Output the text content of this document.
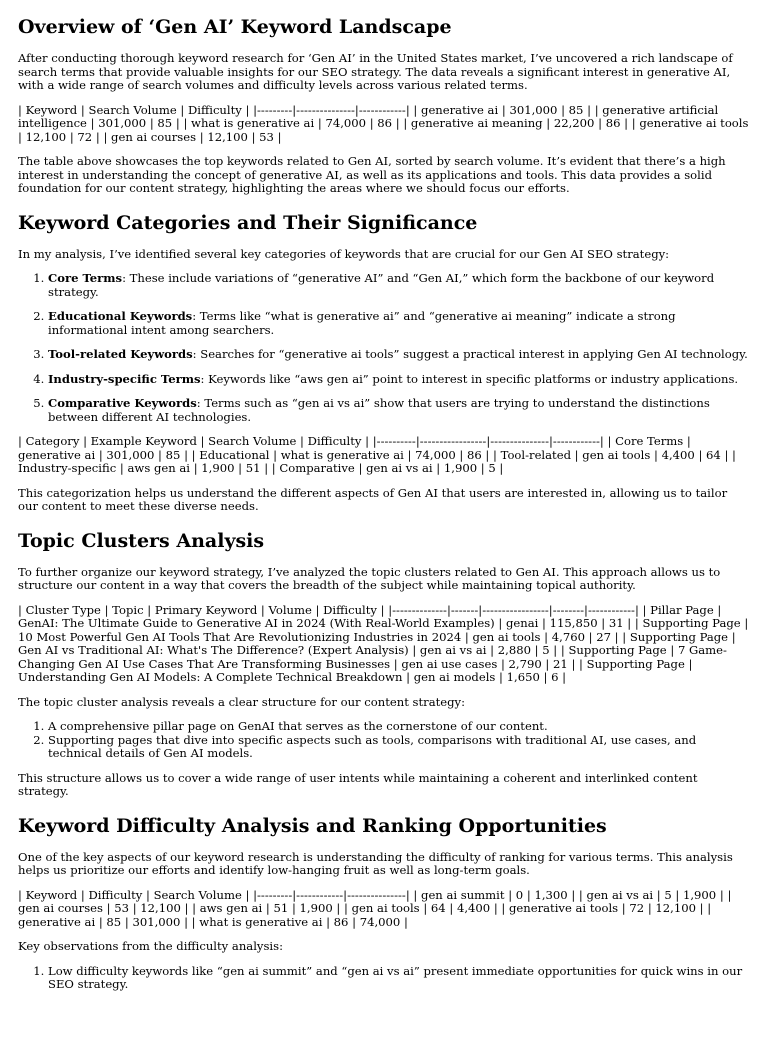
Overview of ‘Gen AI’ Keyword Landscape

After conducting thorough keyword research for ‘Gen AI’ in the United States market, I’ve uncovered a rich landscape of search terms that provide valuable insights for our SEO strategy. The data reveals a significant interest in generative AI, with a wide range of search volumes and difficulty levels across various related terms.

| Keyword | Search Volume | Difficulty | |---------|---------------|------------| | generative ai | 301,000 | 85 | | generative artificial intelligence | 301,000 | 85 | | what is generative ai | 74,000 | 86 | | generative ai meaning | 22,200 | 86 | | generative ai tools | 12,100 | 72 | | gen ai courses | 12,100 | 53 |

The table above showcases the top keywords related to Gen AI, sorted by search volume. It’s evident that there’s a high interest in understanding the concept of generative AI, as well as its applications and tools. This data provides a solid foundation for our content strategy, highlighting the areas where we should focus our efforts.

Keyword Categories and Their Significance

In my analysis, I’ve identified several key categories of keywords that are crucial for our Gen AI SEO strategy:

1. Core Terms: These include variations of “generative AI” and “Gen AI,” which form the backbone of our keyword strategy.
2. Educational Keywords: Terms like “what is generative ai” and “generative ai meaning” indicate a strong informational intent among searchers.
3. Tool-related Keywords: Searches for “generative ai tools” suggest a practical interest in applying Gen AI technology.
4. Industry-specific Terms: Keywords like “aws gen ai” point to interest in specific platforms or industry applications.
5. Comparative Keywords: Terms such as “gen ai vs ai” show that users are trying to understand the distinctions between different AI technologies.

| Category | Example Keyword | Search Volume | Difficulty | |----------|-----------------|---------------|------------| | Core Terms | generative ai | 301,000 | 85 | | Educational | what is generative ai | 74,000 | 86 | | Tool-related | gen ai tools | 4,400 | 64 | | Industry-specific | aws gen ai | 1,900 | 51 | | Comparative | gen ai vs ai | 1,900 | 5 |

This categorization helps us understand the different aspects of Gen AI that users are interested in, allowing us to tailor our content to meet these diverse needs.

Topic Clusters Analysis

To further organize our keyword strategy, I’ve analyzed the topic clusters related to Gen AI. This approach allows us to structure our content in a way that covers the breadth of the subject while maintaining topical authority.

| Cluster Type | Topic | Primary Keyword | Volume | Difficulty | |--------------|-------|-----------------|--------|------------| | Pillar Page | GenAI: The Ultimate Guide to Generative AI in 2024 (With Real-World Examples) | genai | 115,850 | 31 | | Supporting Page | 10 Most Powerful Gen AI Tools That Are Revolutionizing Industries in 2024 | gen ai tools | 4,760 | 27 | | Supporting Page | Gen AI vs Traditional AI: What's The Difference? (Expert Analysis) | gen ai vs ai | 2,880 | 5 | | Supporting Page | 7 Game-Changing Gen AI Use Cases That Are Transforming Businesses | gen ai use cases | 2,790 | 21 | | Supporting Page | Understanding Gen AI Models: A Complete Technical Breakdown | gen ai models | 1,650 | 6 |

The topic cluster analysis reveals a clear structure for our content strategy:

1. A comprehensive pillar page on GenAI that serves as the cornerstone of our content.
2. Supporting pages that dive into specific aspects such as tools, comparisons with traditional AI, use cases, and technical details of Gen AI models.

This structure allows us to cover a wide range of user intents while maintaining a coherent and interlinked content strategy.

Keyword Difficulty Analysis and Ranking Opportunities

One of the key aspects of our keyword research is understanding the difficulty of ranking for various terms. This analysis helps us prioritize our efforts and identify low-hanging fruit as well as long-term goals.

| Keyword | Difficulty | Search Volume | |---------|------------|---------------| | gen ai summit | 0 | 1,300 | | gen ai vs ai | 5 | 1,900 | | gen ai courses | 53 | 12,100 | | aws gen ai | 51 | 1,900 | | gen ai tools | 64 | 4,400 | | generative ai tools | 72 | 12,100 | | generative ai | 85 | 301,000 | | what is generative ai | 86 | 74,000 |

Key observations from the difficulty analysis:

1. Low difficulty keywords like “gen ai summit” and “gen ai vs ai” present immediate opportunities for quick wins in our SEO strategy.
